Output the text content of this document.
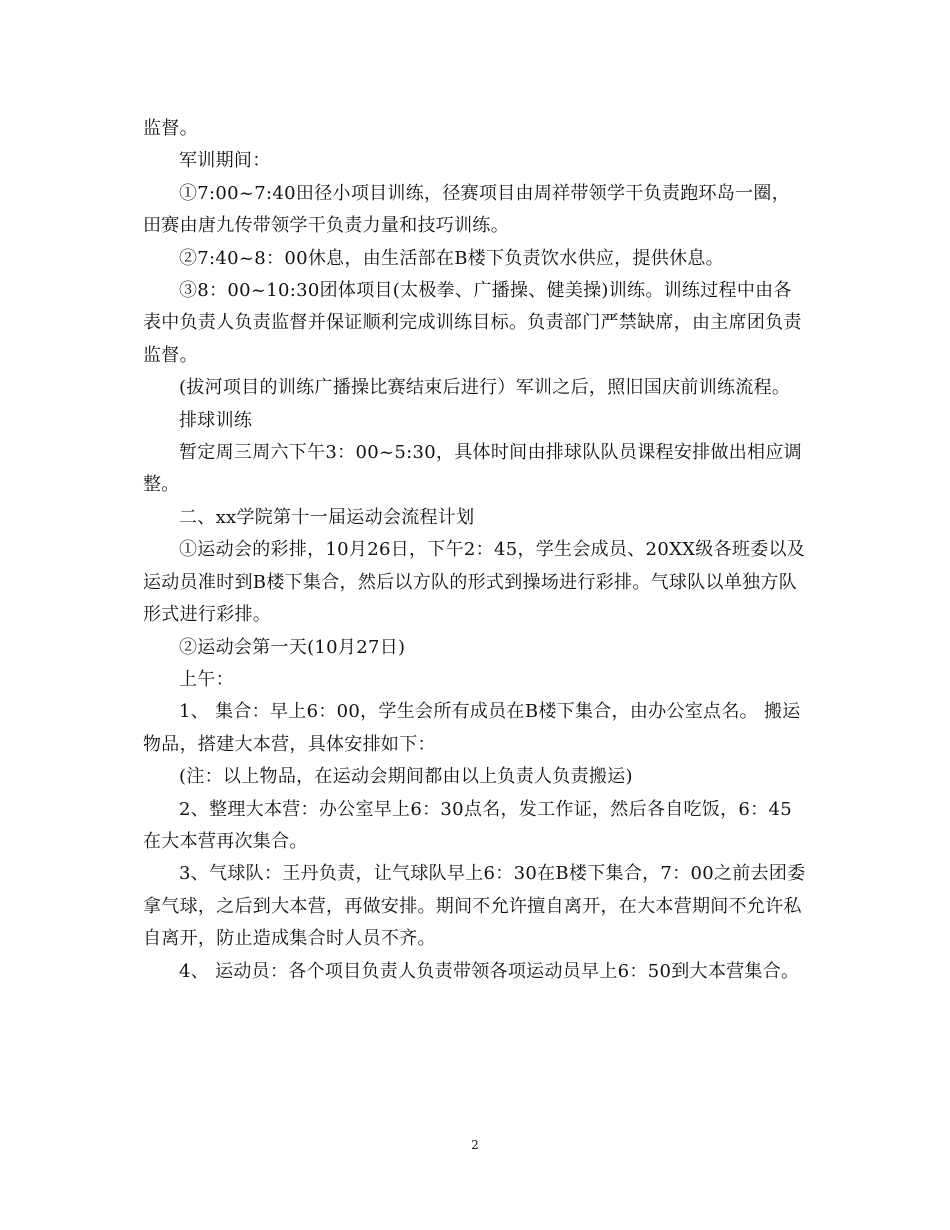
监督。

军训期间：

①7:00~7:40田径小项目训练，径赛项目由周祥带领学干负责跑环岛一圈，田赛由唐九传带领学干负责力量和技巧训练。

②7:40~8：00休息，由生活部在B楼下负责饮水供应，提供休息。

③8：00~10:30团体项目(太极拳、广播操、健美操)训练。训练过程中由各表中负责人负责监督并保证顺利完成训练目标。负责部门严禁缺席，由主席团负责监督。

(拔河项目的训练广播操比赛结束后进行）军训之后，照旧国庆前训练流程。

排球训练

暂定周三周六下午3：00~5:30，具体时间由排球队队员课程安排做出相应调整。

二、xx学院第十一届运动会流程计划

①运动会的彩排，10月26日，下午2：45，学生会成员、20XX级各班委以及运动员准时到B楼下集合，然后以方队的形式到操场进行彩排。气球队以单独方队形式进行彩排。

②运动会第一天(10月27日)

上午：

1、 集合：早上6：00，学生会所有成员在B楼下集合，由办公室点名。 搬运物品，搭建大本营，具体安排如下：

(注：以上物品，在运动会期间都由以上负责人负责搬运)

2、整理大本营：办公室早上6：30点名，发工作证，然后各自吃饭，6：45在大本营再次集合。

3、气球队：王丹负责，让气球队早上6：30在B楼下集合，7：00之前去团委拿气球，之后到大本营，再做安排。期间不允许擅自离开，在大本营期间不允许私自离开，防止造成集合时人员不齐。

4、 运动员：各个项目负责人负责带领各项运动员早上6：50到大本营集合。

2
